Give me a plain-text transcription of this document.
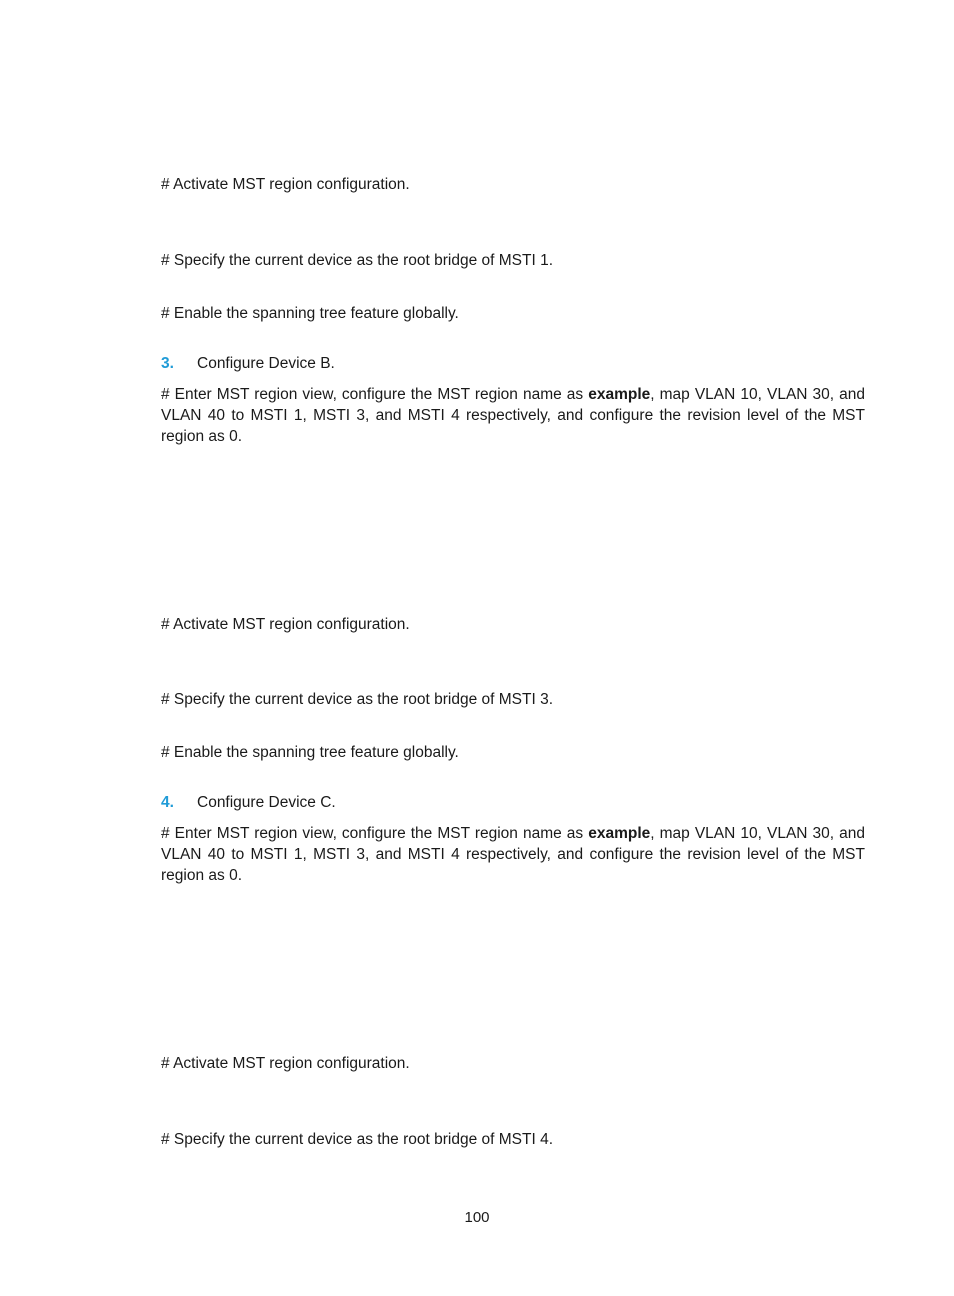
# Activate MST region configuration.
# Specify the current device as the root bridge of MSTI 1.
# Enable the spanning tree feature globally.
3. Configure Device B.
# Enter MST region view, configure the MST region name as example, map VLAN 10, VLAN 30, and VLAN 40 to MSTI 1, MSTI 3, and MSTI 4 respectively, and configure the revision level of the MST region as 0.
# Activate MST region configuration.
# Specify the current device as the root bridge of MSTI 3.
# Enable the spanning tree feature globally.
4. Configure Device C.
# Enter MST region view, configure the MST region name as example, map VLAN 10, VLAN 30, and VLAN 40 to MSTI 1, MSTI 3, and MSTI 4 respectively, and configure the revision level of the MST region as 0.
# Activate MST region configuration.
# Specify the current device as the root bridge of MSTI 4.
100
